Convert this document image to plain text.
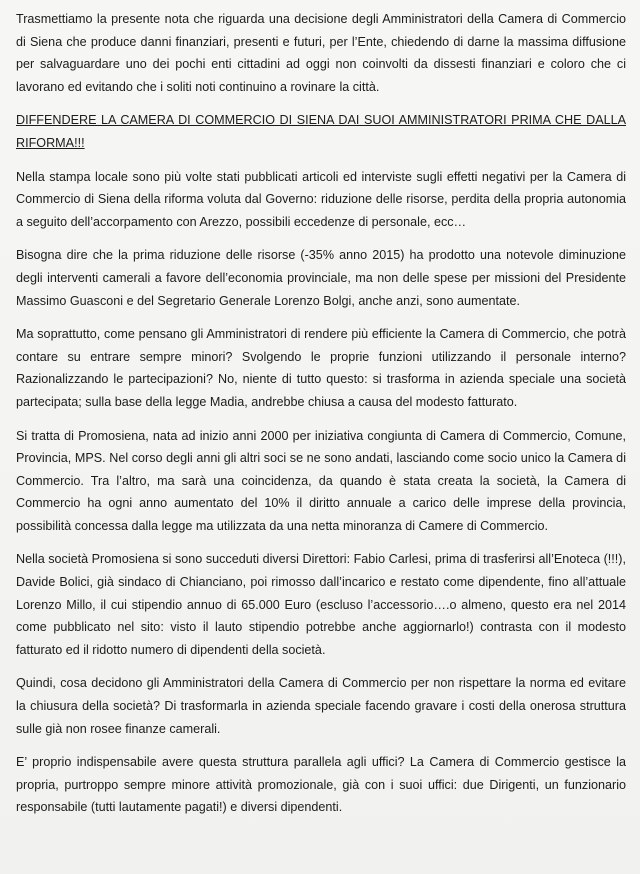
Trasmettiamo la presente nota che riguarda una decisione degli Amministratori della Camera di Commercio di Siena che produce danni finanziari, presenti e futuri, per l’Ente, chiedendo di darne la massima diffusione per salvaguardare uno dei pochi enti cittadini ad oggi non coinvolti da dissesti finanziari e coloro che ci lavorano ed evitando che i soliti noti continuino a rovinare la città.

DIFFENDERE LA CAMERA DI COMMERCIO DI SIENA DAI SUOI AMMINISTRATORI PRIMA CHE DALLA RIFORMA!!!

Nella stampa locale sono più volte stati pubblicati articoli ed interviste sugli effetti negativi per la Camera di Commercio di Siena della riforma voluta dal Governo: riduzione delle risorse, perdita della propria autonomia a seguito dell’accorpamento con Arezzo, possibili eccedenze di personale, ecc…

Bisogna dire che la prima riduzione delle risorse (-35% anno 2015) ha prodotto una notevole diminuzione degli interventi camerali a favore dell’economia provinciale, ma non delle spese per missioni del Presidente Massimo Guasconi e del Segretario Generale Lorenzo Bolgi, anche anzi, sono aumentate.

Ma soprattutto, come pensano gli Amministratori di rendere più efficiente la Camera di Commercio, che potrà contare su entrare sempre minori? Svolgendo le proprie funzioni utilizzando il personale interno? Razionalizzando le partecipazioni? No, niente di tutto questo: si trasforma in azienda speciale una società partecipata; sulla base della legge Madia, andrebbe chiusa a causa del modesto fatturato.

Si tratta di Promosiena, nata ad inizio anni 2000 per iniziativa congiunta di Camera di Commercio, Comune, Provincia, MPS. Nel corso degli anni gli altri soci se ne sono andati, lasciando come socio unico la Camera di Commercio. Tra l’altro, ma sarà una coincidenza, da quando è stata creata la società, la Camera di Commercio ha ogni anno aumentato del 10% il diritto annuale a carico delle imprese della provincia, possibilità concessa dalla legge ma utilizzata da una netta minoranza di Camere di Commercio.

Nella società Promosiena si sono succeduti diversi Direttori: Fabio Carlesi, prima di trasferirsi all’Enoteca (!!!), Davide Bolici, già sindaco di Chianciano, poi rimosso dall’incarico e restato come dipendente, fino all’attuale Lorenzo Millo, il cui stipendio annuo di 65.000 Euro (escluso l’accessorio….o almeno, questo era nel 2014 come pubblicato nel sito: visto il lauto stipendio potrebbe anche aggiornarlo!) contrasta con il modesto fatturato ed il ridotto numero di dipendenti della società.

Quindi, cosa decidono gli Amministratori della Camera di Commercio per non rispettare la norma ed evitare la chiusura della società? Di trasformarla in azienda speciale facendo gravare i costi della onerosa struttura sulle già non rosee finanze camerali.

E’ proprio indispensabile avere questa struttura parallela agli uffici? La Camera di Commercio gestisce la propria, purtroppo sempre minore attività promozionale, già con i suoi uffici: due Dirigenti, un funzionario responsabile (tutti lautamente pagati!) e diversi dipendenti.
